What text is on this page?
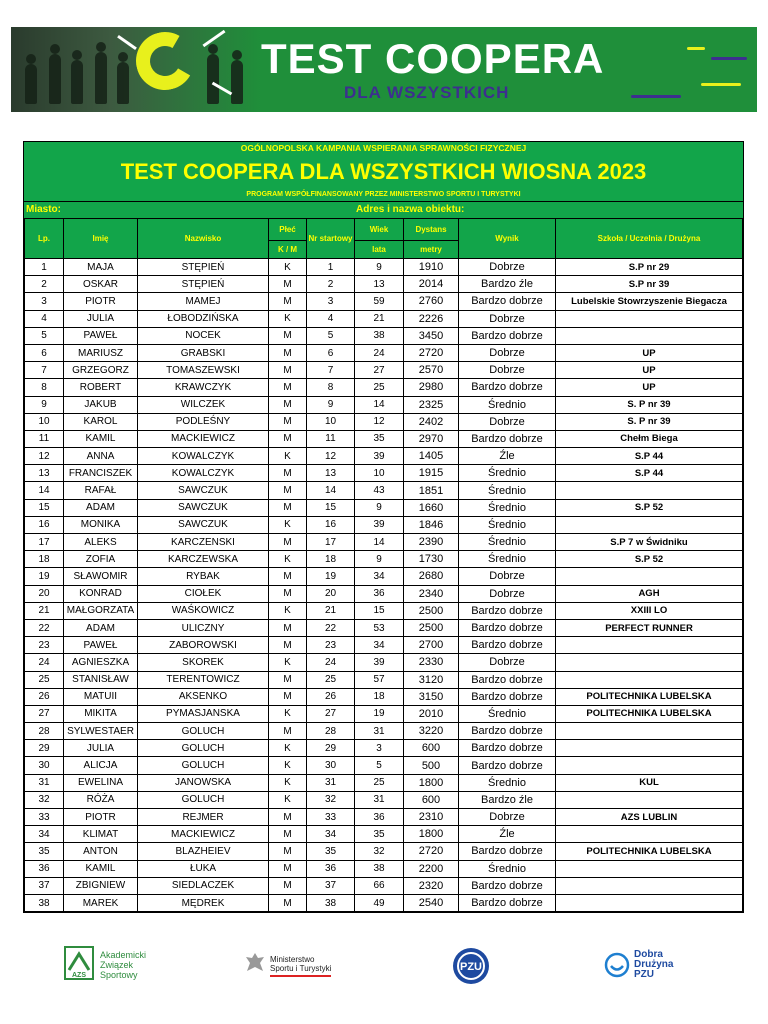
TEST COOPERA
DLA WSZYSTKICH
OGÓLNOPOLSKA KAMPANIA WSPIERANIA SPRAWNOŚCI FIZYCZNEJ
TEST COOPERA DLA WSZYSTKICH WIOSNA 2023
PROGRAM WSPÓŁFINANSOWANY PRZEZ MINISTERSTWO SPORTU I TURYSTYKI
Miasto:	Adres i nazwa obiektu:
Lp.	Imię	Nazwisko	Płeć	Nr startowy	Wiek	Dystans	Wynik	Szkoła / Uczelnia / Drużyna
			K / M		lata	metry		
1	MAJA	STĘPIEŃ	K	1	9	1910	Dobrze	S.P nr 29
2	OSKAR	STĘPIEŃ	M	2	13	2014	Bardzo źle	S.P nr 39
3	PIOTR	MAMEJ	M	3	59	2760	Bardzo dobrze	Lubelskie Stowrzyszenie Biegacza
4	JULIA	ŁOBODZIŃSKA	K	4	21	2226	Dobrze	
5	PAWEŁ	NOCEK	M	5	38	3450	Bardzo dobrze	
6	MARIUSZ	GRABSKI	M	6	24	2720	Dobrze	UP
7	GRZEGORZ	TOMASZEWSKI	M	7	27	2570	Dobrze	UP
8	ROBERT	KRAWCZYK	M	8	25	2980	Bardzo dobrze	UP
9	JAKUB	WILCZEK	M	9	14	2325	Średnio	S. P nr 39
10	KAROL	PODLEŚNY	M	10	12	2402	Dobrze	S. P nr 39
11	KAMIL	MACKIEWICZ	M	11	35	2970	Bardzo dobrze	Chełm Biega
12	ANNA	KOWALCZYK	K	12	39	1405	Źle	S.P 44
13	FRANCISZEK	KOWALCZYK	M	13	10	1915	Średnio	S.P 44
14	RAFAŁ	SAWCZUK	M	14	43	1851	Średnio	
15	ADAM	SAWCZUK	M	15	9	1660	Średnio	S.P 52
16	MONIKA	SAWCZUK	K	16	39	1846	Średnio	
17	ALEKS	KARCZENSKI	M	17	14	2390	Średnio	S.P 7 w Świdniku
18	ZOFIA	KARCZEWSKA	K	18	9	1730	Średnio	S.P 52
19	SŁAWOMIR	RYBAK	M	19	34	2680	Dobrze	
20	KONRAD	CIOŁEK	M	20	36	2340	Dobrze	AGH
21	MAŁGORZATA	WAŚKOWICZ	K	21	15	2500	Bardzo dobrze	XXIII LO
22	ADAM	ULICZNY	M	22	53	2500	Bardzo dobrze	PERFECT RUNNER
23	PAWEŁ	ZABOROWSKI	M	23	34	2700	Bardzo dobrze	
24	AGNIESZKA	SKOREK	K	24	39	2330	Dobrze	
25	STANISŁAW	TERENTOWICZ	M	25	57	3120	Bardzo dobrze	
26	MATUII	AKSENKO	M	26	18	3150	Bardzo dobrze	POLITECHNIKA LUBELSKA
27	MIKITA	PYMASJANSKA	K	27	19	2010	Średnio	POLITECHNIKA LUBELSKA
28	SYLWESTAER	GOLUCH	M	28	31	3220	Bardzo dobrze	
29	JULIA	GOLUCH	K	29	3	600	Bardzo dobrze	
30	ALICJA	GOLUCH	K	30	5	500	Bardzo dobrze	
31	EWELINA	JANOWSKA	K	31	25	1800	Średnio	KUL
32	RÓŻA	GOLUCH	K	32	31	600	Bardzo źle	
33	PIOTR	REJMER	M	33	36	2310	Dobrze	AZS LUBLIN
34	KLIMAT	MACKIEWICZ	M	34	35	1800	Źle	
35	ANTON	BLAZHEIEV	M	35	32	2720	Bardzo dobrze	POLITECHNIKA LUBELSKA
36	KAMIL	ŁUKA	M	36	38	2200	Średnio	
37	ZBIGNIEW	SIEDLACZEK	M	37	66	2320	Bardzo dobrze	
38	MAREK	MĘDREK	M	38	49	2540	Bardzo dobrze	
AZS
Akademicki
Związek
Sportowy
Ministerstwo
Sportu i Turystyki	PZU
Dobra
Drużyna
PZU
